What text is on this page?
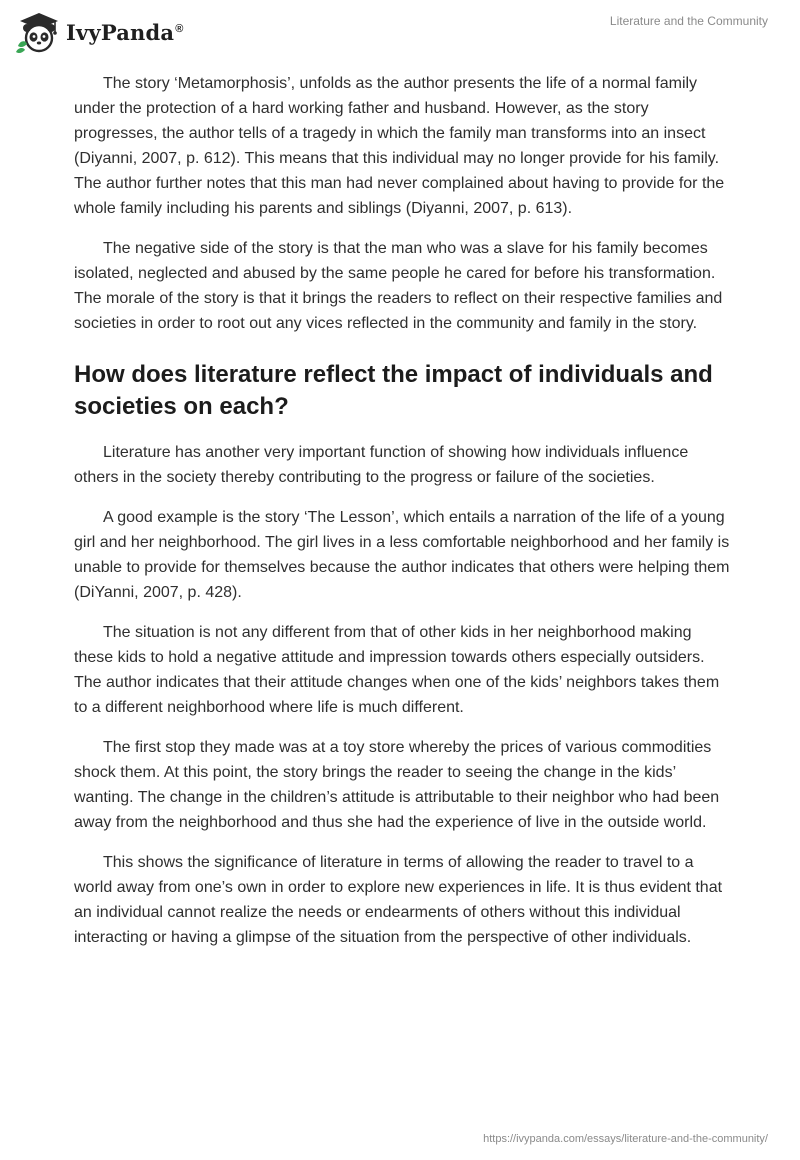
IvyPanda®
Literature and the Community

The story ‘Metamorphosis’, unfolds as the author presents the life of a normal family under the protection of a hard working father and husband. However, as the story progresses, the author tells of a tragedy in which the family man transforms into an insect (Diyanni, 2007, p. 612). This means that this individual may no longer provide for his family. The author further notes that this man had never complained about having to provide for the whole family including his parents and siblings (Diyanni, 2007, p. 613).

The negative side of the story is that the man who was a slave for his family becomes isolated, neglected and abused by the same people he cared for before his transformation. The morale of the story is that it brings the readers to reflect on their respective families and societies in order to root out any vices reflected in the community and family in the story.

How does literature reflect the impact of individuals and societies on each?

Literature has another very important function of showing how individuals influence others in the society thereby contributing to the progress or failure of the societies.

A good example is the story ‘The Lesson’, which entails a narration of the life of a young girl and her neighborhood. The girl lives in a less comfortable neighborhood and her family is unable to provide for themselves because the author indicates that others were helping them (DiYanni, 2007, p. 428).

The situation is not any different from that of other kids in her neighborhood making these kids to hold a negative attitude and impression towards others especially outsiders. The author indicates that their attitude changes when one of the kids’ neighbors takes them to a different neighborhood where life is much different.

The first stop they made was at a toy store whereby the prices of various commodities shock them. At this point, the story brings the reader to seeing the change in the kids’ wanting. The change in the children’s attitude is attributable to their neighbor who had been away from the neighborhood and thus she had the experience of live in the outside world.

This shows the significance of literature in terms of allowing the reader to travel to a world away from one’s own in order to explore new experiences in life. It is thus evident that an individual cannot realize the needs or endearments of others without this individual interacting or having a glimpse of the situation from the perspective of other individuals.

https://ivypanda.com/essays/literature-and-the-community/
